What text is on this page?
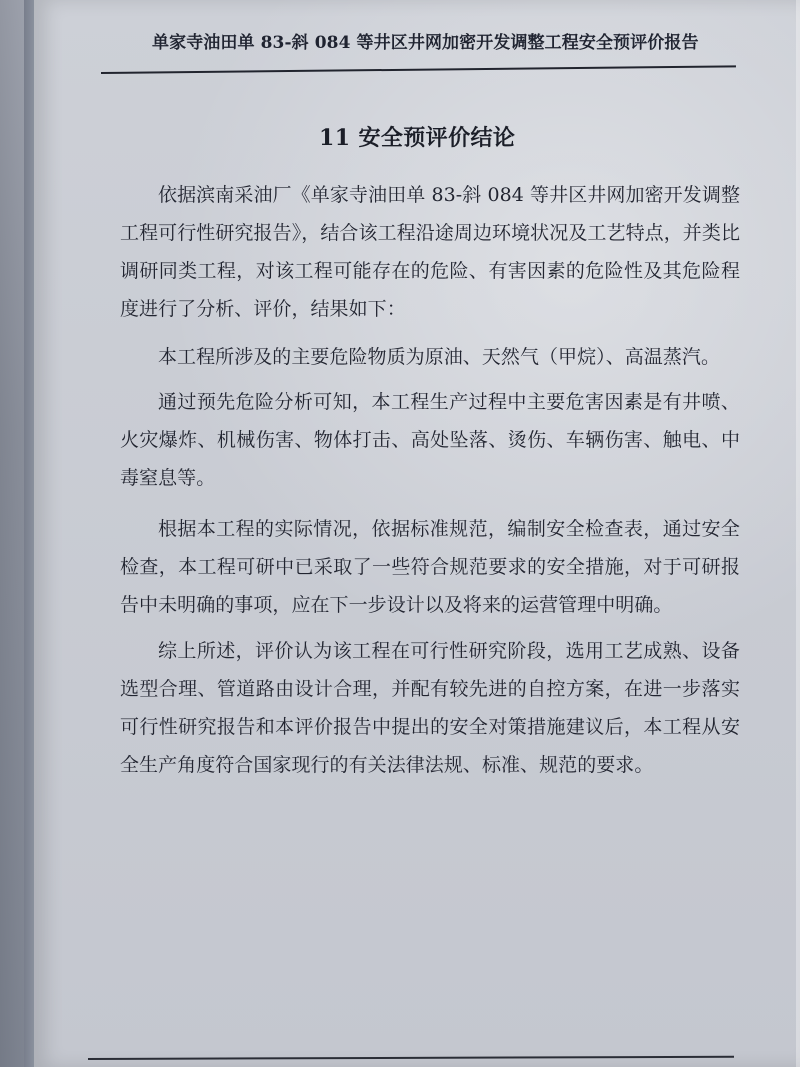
单家寺油田单 83-斜 084 等井区井网加密开发调整工程安全预评价报告
11 安全预评价结论
依据滨南采油厂《单家寺油田单 83-斜 084 等井区井网加密开发调整工程可行性研究报告》，结合该工程沿途周边环境状况及工艺特点，并类比调研同类工程，对该工程可能存在的危险、有害因素的危险性及其危险程度进行了分析、评价，结果如下：
本工程所涉及的主要危险物质为原油、天然气（甲烷）、高温蒸汽。
通过预先危险分析可知，本工程生产过程中主要危害因素是有井喷、火灾爆炸、机械伤害、物体打击、高处坠落、烫伤、车辆伤害、触电、中毒窒息等。
根据本工程的实际情况，依据标准规范，编制安全检查表，通过安全检查，本工程可研中已采取了一些符合规范要求的安全措施，对于可研报告中未明确的事项，应在下一步设计以及将来的运营管理中明确。
综上所述，评价认为该工程在可行性研究阶段，选用工艺成熟、设备选型合理、管道路由设计合理，并配有较先进的自控方案，在进一步落实可行性研究报告和本评价报告中提出的安全对策措施建议后，本工程从安全生产角度符合国家现行的有关法律法规、标准、规范的要求。
